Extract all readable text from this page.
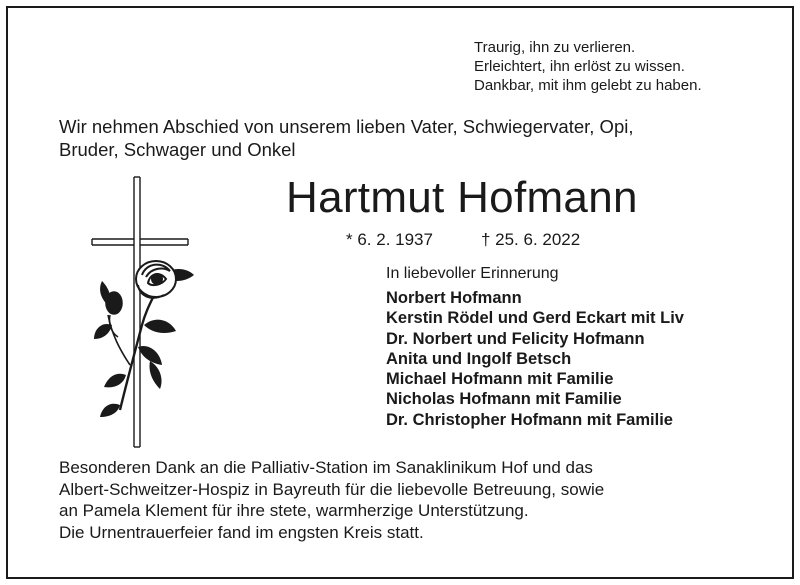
Traurig, ihn zu verlieren.
Erleichtert, ihn erlöst zu wissen.
Dankbar, mit ihm gelebt zu haben.
Wir nehmen Abschied von unserem lieben Vater, Schwiegervater, Opi,
Bruder, Schwager und Onkel
Hartmut Hofmann
* 6. 2. 1937	† 25. 6. 2022
In liebevoller Erinnerung
Norbert Hofmann
Kerstin Rödel und Gerd Eckart mit Liv
Dr. Norbert und Felicity Hofmann
Anita und Ingolf Betsch
Michael Hofmann mit Familie
Nicholas Hofmann mit Familie
Dr. Christopher Hofmann mit Familie
Besonderen Dank an die Palliativ-Station im Sanaklinikum Hof und das
Albert-Schweitzer-Hospiz in Bayreuth für die liebevolle Betreuung, sowie
an Pamela Klement für ihre stete, warmherzige Unterstützung.
Die Urnentrauerfeier fand im engsten Kreis statt.
